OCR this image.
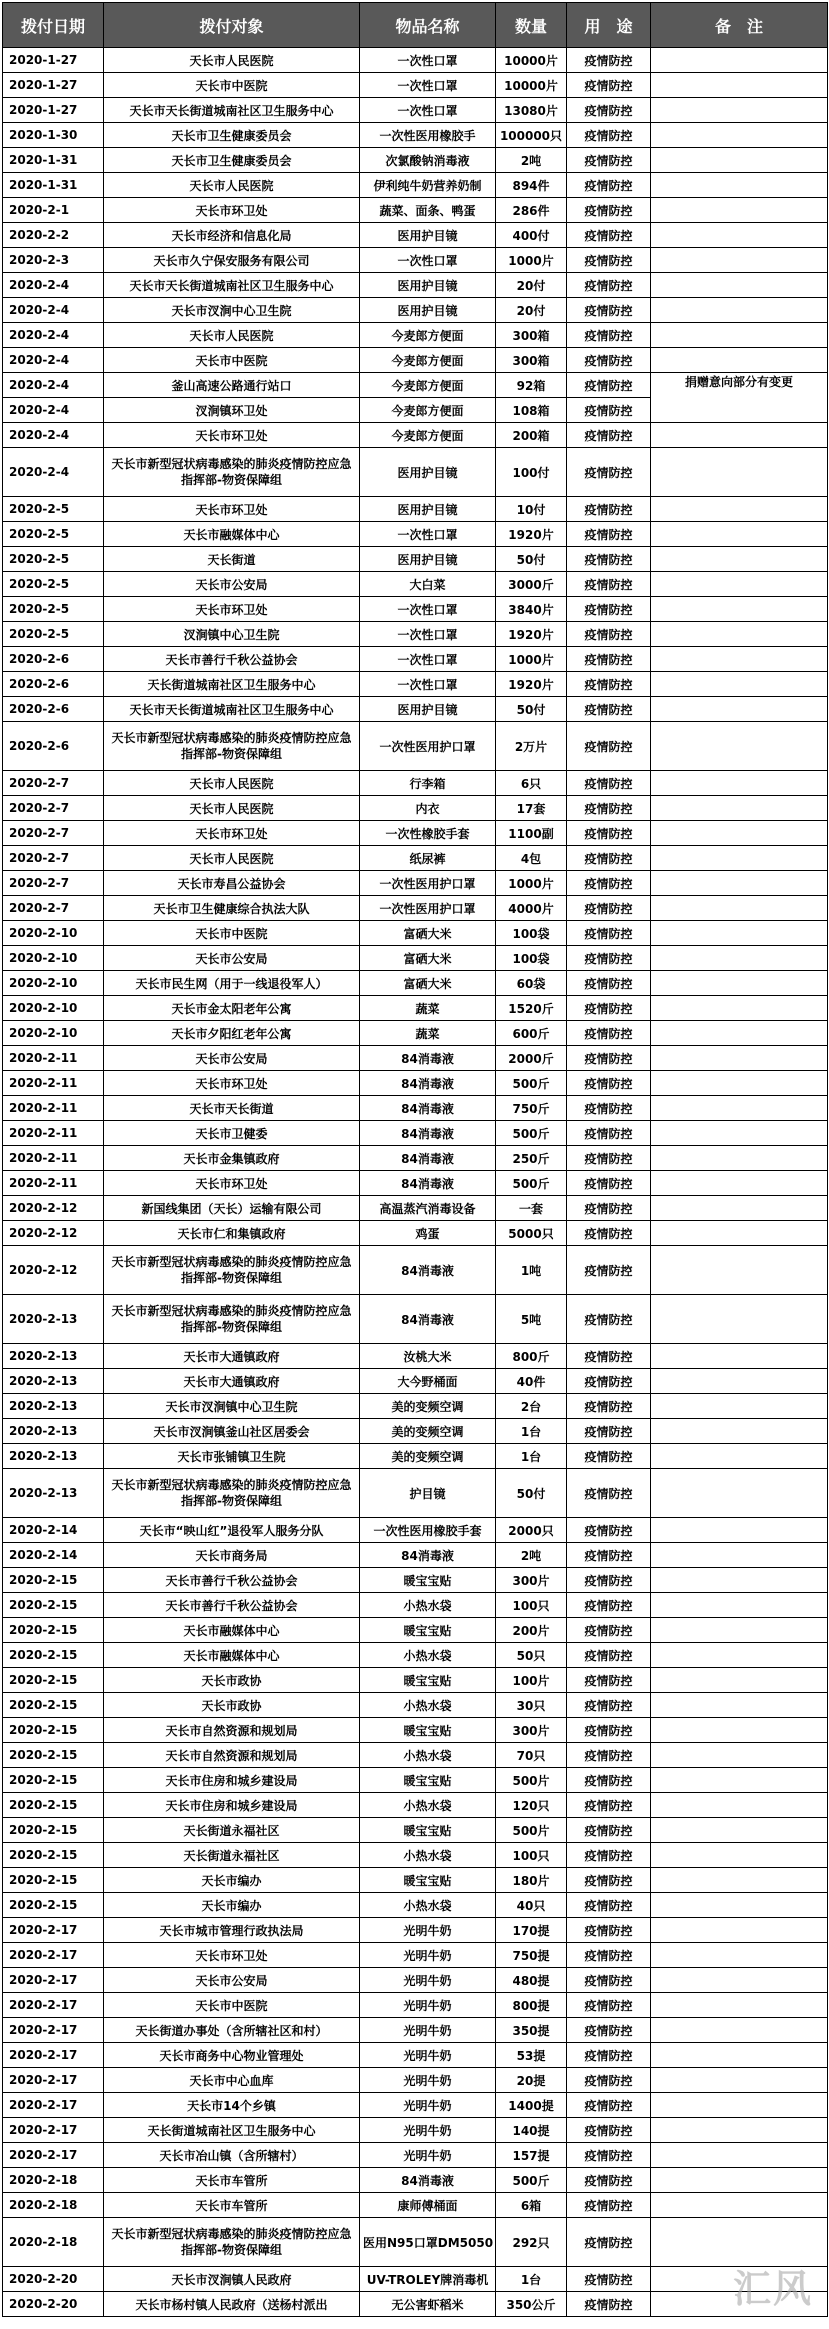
拨付日期	拨付对象	物品名称	数量	用　途	备　注
2020-1-27	天长市人民医院	一次性口罩	10000片	疫情防控	
2020-1-27	天长市中医院	一次性口罩	10000片	疫情防控	
2020-1-27	天长市天长街道城南社区卫生服务中心	一次性口罩	13080片	疫情防控	
2020-1-30	天长市卫生健康委员会	一次性医用橡胶手	100000只	疫情防控	
2020-1-31	天长市卫生健康委员会	次氯酸钠消毒液	2吨	疫情防控	
2020-1-31	天长市人民医院	伊利纯牛奶营养奶制	894件	疫情防控	
2020-2-1	天长市环卫处	蔬菜、面条、鸭蛋	286件	疫情防控	
2020-2-2	天长市经济和信息化局	医用护目镜	400付	疫情防控	
2020-2-3	天长市久宁保安服务有限公司	一次性口罩	1000片	疫情防控	
2020-2-4	天长市天长街道城南社区卫生服务中心	医用护目镜	20付	疫情防控	
2020-2-4	天长市汊涧中心卫生院	医用护目镜	20付	疫情防控	
2020-2-4	天长市人民医院	今麦郎方便面	300箱	疫情防控	
2020-2-4	天长市中医院	今麦郎方便面	300箱	疫情防控	
2020-2-4	釜山高速公路通行站口	今麦郎方便面	92箱	疫情防控	捐赠意向部分有变更
2020-2-4	汊涧镇环卫处	今麦郎方便面	108箱	疫情防控	
2020-2-4	天长市环卫处	今麦郎方便面	200箱	疫情防控	
2020-2-4	天长市新型冠状病毒感染的肺炎疫情防控应急指挥部-物资保障组	医用护目镜	100付	疫情防控	
2020-2-5	天长市环卫处	医用护目镜	10付	疫情防控	
2020-2-5	天长市融媒体中心	一次性口罩	1920片	疫情防控	
2020-2-5	天长街道	医用护目镜	50付	疫情防控	
2020-2-5	天长市公安局	大白菜	3000斤	疫情防控	
2020-2-5	天长市环卫处	一次性口罩	3840片	疫情防控	
2020-2-5	汊涧镇中心卫生院	一次性口罩	1920片	疫情防控	
2020-2-6	天长市善行千秋公益协会	一次性口罩	1000片	疫情防控	
2020-2-6	天长街道城南社区卫生服务中心	一次性口罩	1920片	疫情防控	
2020-2-6	天长市天长街道城南社区卫生服务中心	医用护目镜	50付	疫情防控	
2020-2-6	天长市新型冠状病毒感染的肺炎疫情防控应急指挥部-物资保障组	一次性医用护口罩	2万片	疫情防控	
2020-2-7	天长市人民医院	行李箱	6只	疫情防控	
2020-2-7	天长市人民医院	内衣	17套	疫情防控	
2020-2-7	天长市环卫处	一次性橡胶手套	1100副	疫情防控	
2020-2-7	天长市人民医院	纸尿裤	4包	疫情防控	
2020-2-7	天长市寿昌公益协会	一次性医用护口罩	1000片	疫情防控	
2020-2-7	天长市卫生健康综合执法大队	一次性医用护口罩	4000片	疫情防控	
2020-2-10	天长市中医院	富硒大米	100袋	疫情防控	
2020-2-10	天长市公安局	富硒大米	100袋	疫情防控	
2020-2-10	天长市民生网（用于一线退役军人）	富硒大米	60袋	疫情防控	
2020-2-10	天长市金太阳老年公寓	蔬菜	1520斤	疫情防控	
2020-2-10	天长市夕阳红老年公寓	蔬菜	600斤	疫情防控	
2020-2-11	天长市公安局	84消毒液	2000斤	疫情防控	
2020-2-11	天长市环卫处	84消毒液	500斤	疫情防控	
2020-2-11	天长市天长街道	84消毒液	750斤	疫情防控	
2020-2-11	天长市卫健委	84消毒液	500斤	疫情防控	
2020-2-11	天长市金集镇政府	84消毒液	250斤	疫情防控	
2020-2-11	天长市环卫处	84消毒液	500斤	疫情防控	
2020-2-12	新国线集团（天长）运输有限公司	高温蒸汽消毒设备	一套	疫情防控	
2020-2-12	天长市仁和集镇政府	鸡蛋	5000只	疫情防控	
2020-2-12	天长市新型冠状病毒感染的肺炎疫情防控应急指挥部-物资保障组	84消毒液	1吨	疫情防控	
2020-2-13	天长市新型冠状病毒感染的肺炎疫情防控应急指挥部-物资保障组	84消毒液	5吨	疫情防控	
2020-2-13	天长市大通镇政府	汝桃大米	800斤	疫情防控	
2020-2-13	天长市大通镇政府	大今野桶面	40件	疫情防控	
2020-2-13	天长市汊涧镇中心卫生院	美的变频空调	2台	疫情防控	
2020-2-13	天长市汊涧镇釜山社区居委会	美的变频空调	1台	疫情防控	
2020-2-13	天长市张铺镇卫生院	美的变频空调	1台	疫情防控	
2020-2-13	天长市新型冠状病毒感染的肺炎疫情防控应急指挥部-物资保障组	护目镜	50付	疫情防控	
2020-2-14	天长市“映山红”退役军人服务分队	一次性医用橡胶手套	2000只	疫情防控	
2020-2-14	天长市商务局	84消毒液	2吨	疫情防控	
2020-2-15	天长市善行千秋公益协会	暖宝宝贴	300片	疫情防控	
2020-2-15	天长市善行千秋公益协会	小热水袋	100只	疫情防控	
2020-2-15	天长市融媒体中心	暖宝宝贴	200片	疫情防控	
2020-2-15	天长市融媒体中心	小热水袋	50只	疫情防控	
2020-2-15	天长市政协	暖宝宝贴	100片	疫情防控	
2020-2-15	天长市政协	小热水袋	30只	疫情防控	
2020-2-15	天长市自然资源和规划局	暖宝宝贴	300片	疫情防控	
2020-2-15	天长市自然资源和规划局	小热水袋	70只	疫情防控	
2020-2-15	天长市住房和城乡建设局	暖宝宝贴	500片	疫情防控	
2020-2-15	天长市住房和城乡建设局	小热水袋	120只	疫情防控	
2020-2-15	天长街道永福社区	暖宝宝贴	500片	疫情防控	
2020-2-15	天长街道永福社区	小热水袋	100只	疫情防控	
2020-2-15	天长市编办	暖宝宝贴	180片	疫情防控	
2020-2-15	天长市编办	小热水袋	40只	疫情防控	
2020-2-17	天长市城市管理行政执法局	光明牛奶	170提	疫情防控	
2020-2-17	天长市环卫处	光明牛奶	750提	疫情防控	
2020-2-17	天长市公安局	光明牛奶	480提	疫情防控	
2020-2-17	天长市中医院	光明牛奶	800提	疫情防控	
2020-2-17	天长街道办事处（含所辖社区和村）	光明牛奶	350提	疫情防控	
2020-2-17	天长市商务中心物业管理处	光明牛奶	53提	疫情防控	
2020-2-17	天长市中心血库	光明牛奶	20提	疫情防控	
2020-2-17	天长市14个乡镇	光明牛奶	1400提	疫情防控	
2020-2-17	天长街道城南社区卫生服务中心	光明牛奶	140提	疫情防控	
2020-2-17	天长市冶山镇（含所辖村）	光明牛奶	157提	疫情防控	
2020-2-18	天长市车管所	84消毒液	500斤	疫情防控	
2020-2-18	天长市车管所	康师傅桶面	6箱	疫情防控	
2020-2-18	天长市新型冠状病毒感染的肺炎疫情防控应急指挥部-物资保障组	医用N95口罩DM5050	292只	疫情防控	
2020-2-20	天长市汊涧镇人民政府	UV-TROLEY牌消毒机	1台	疫情防控	
2020-2-20	天长市杨村镇人民政府（送杨村派出	无公害虾稻米	350公斤	疫情防控		汇风
